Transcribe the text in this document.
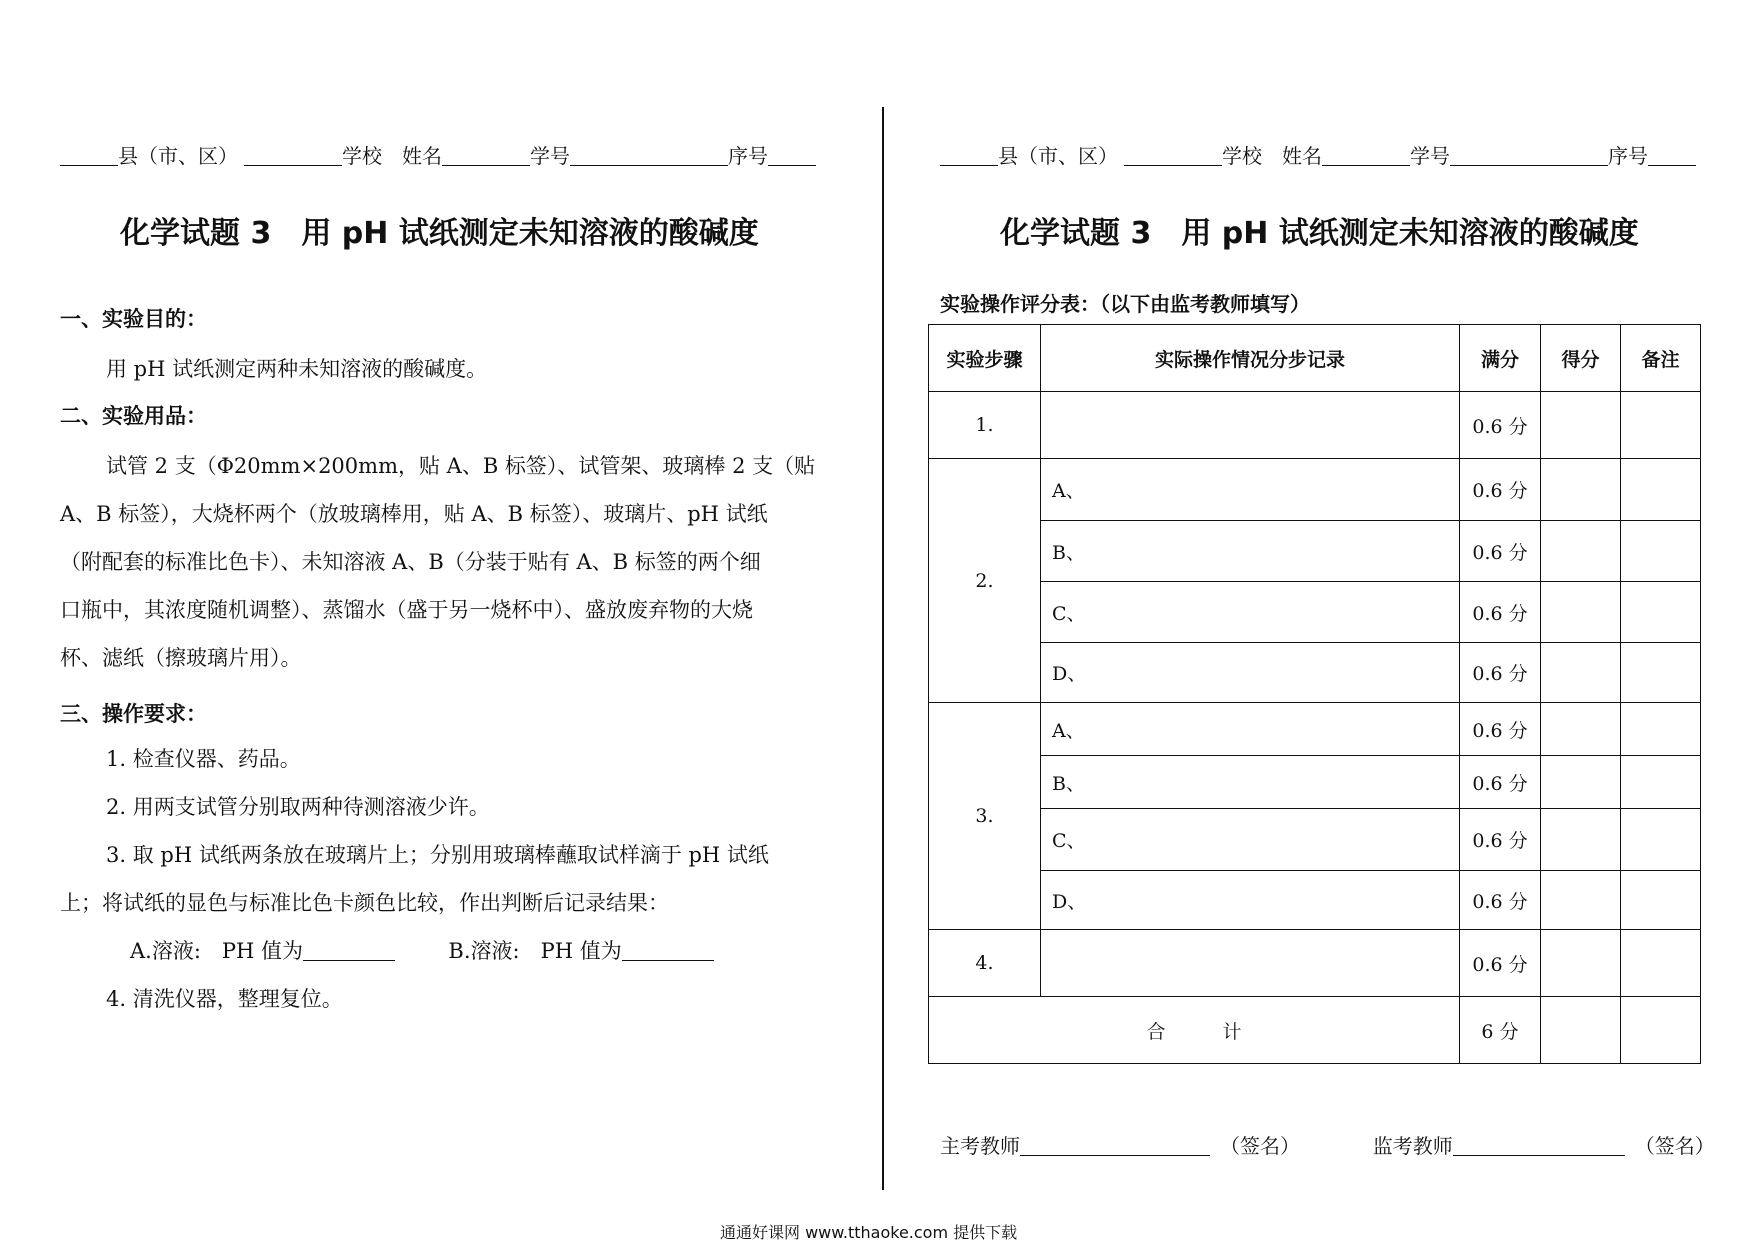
县（市、区）	学校 姓名	学号	序号
化学试题 3　用 pH 试纸测定未知溶液的酸碱度
一、实验目的：
用 pH 试纸测定两种未知溶液的酸碱度。
二、实验用品：
试管 2 支（Φ20mm×200mm，贴 A、B 标签）、试管架、玻璃棒 2 支（贴
A、B 标签），大烧杯两个（放玻璃棒用，贴 A、B 标签）、玻璃片、pH 试纸
（附配套的标准比色卡）、未知溶液 A、B（分装于贴有 A、B 标签的两个细
口瓶中，其浓度随机调整）、蒸馏水（盛于另一烧杯中）、盛放废弃物的大烧
杯、滤纸（擦玻璃片用）。
三、操作要求：
1. 检查仪器、药品。
2. 用两支试管分别取两种待测溶液少许。
3. 取 pH 试纸两条放在玻璃片上；分别用玻璃棒蘸取试样滴于 pH 试纸
上；将试纸的显色与标准比色卡颜色比较，作出判断后记录结果：
A.溶液:　PH 值为	B.溶液:　PH 值为
4. 清洗仪器，整理复位。
县（市、区）	学校 姓名	学号	序号
化学试题 3　用 pH 试纸测定未知溶液的酸碱度
实验操作评分表：（以下由监考教师填写）
实验步骤	实际操作情况分步记录	满分	得分	备注
1.		0.6 分		
2.	A、	0.6 分		
	B、	0.6 分		
	C、	0.6 分		
	D、	0.6 分		
3.	A、	0.6 分		
	B、	0.6 分		
	C、	0.6 分		
	D、	0.6 分		
4.		0.6 分		
合　　　计		6 分		
主考教师	（签名）	监考教师	（签名）
通通好课网 www.tthaoke.com 提供下载
